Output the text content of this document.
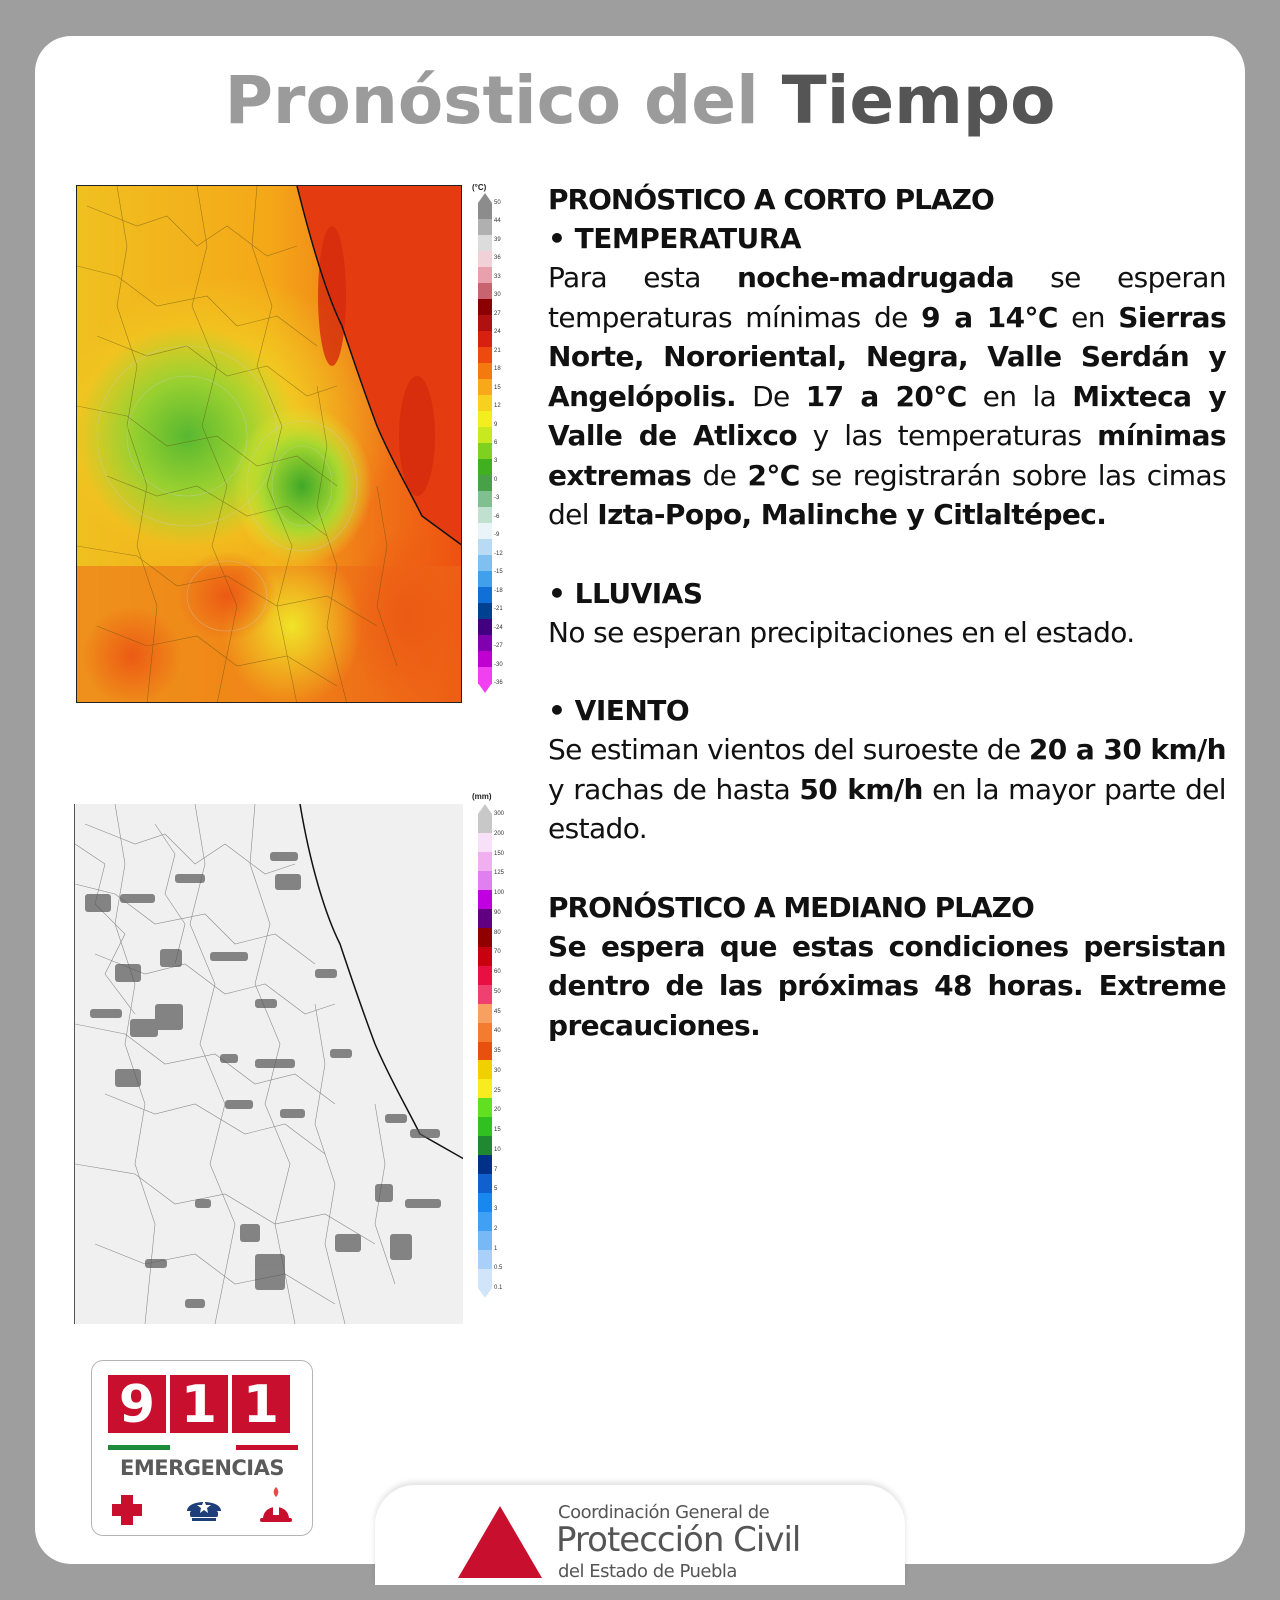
Pronóstico del Tiempo
(°C)
50
44
39
36
33
30
27
24
21
18
15
12
9
6
3
0
-3
-6
-9
-12
-15
-18
-21
-24
-27
-30
-36
(mm)
300
200
150
125
100
90
80
70
60
50
45
40
35
30
25
20
15
10
7
5
3
2
1
0.5
0.1
PRONÓSTICO A CORTO PLAZO
• TEMPERATURA

Para esta noche-madrugada se esperan temperaturas mínimas de 9 a 14°C en Sierras Norte, Nororiental, Negra, Valle Serdán y Angelópolis. De 17 a 20°C en la Mixteca y Valle de Atlixco y las temperaturas mínimas extremas de 2°C se registrarán sobre las cimas del Izta-Popo, Malinche y Citlaltépec.

• LLUVIAS

No se esperan precipitaciones en el estado.

• VIENTO

Se estiman vientos del suroeste de 20 a 30 km/h y rachas de hasta 50 km/h en la mayor parte del estado.

PRONÓSTICO A MEDIANO PLAZO

Se espera que estas condiciones persistan dentro de las próximas 48 horas. Extreme precauciones.

9 1 1
EMERGENCIAS
Coordinación General de
Protección Civil
del Estado de Puebla
